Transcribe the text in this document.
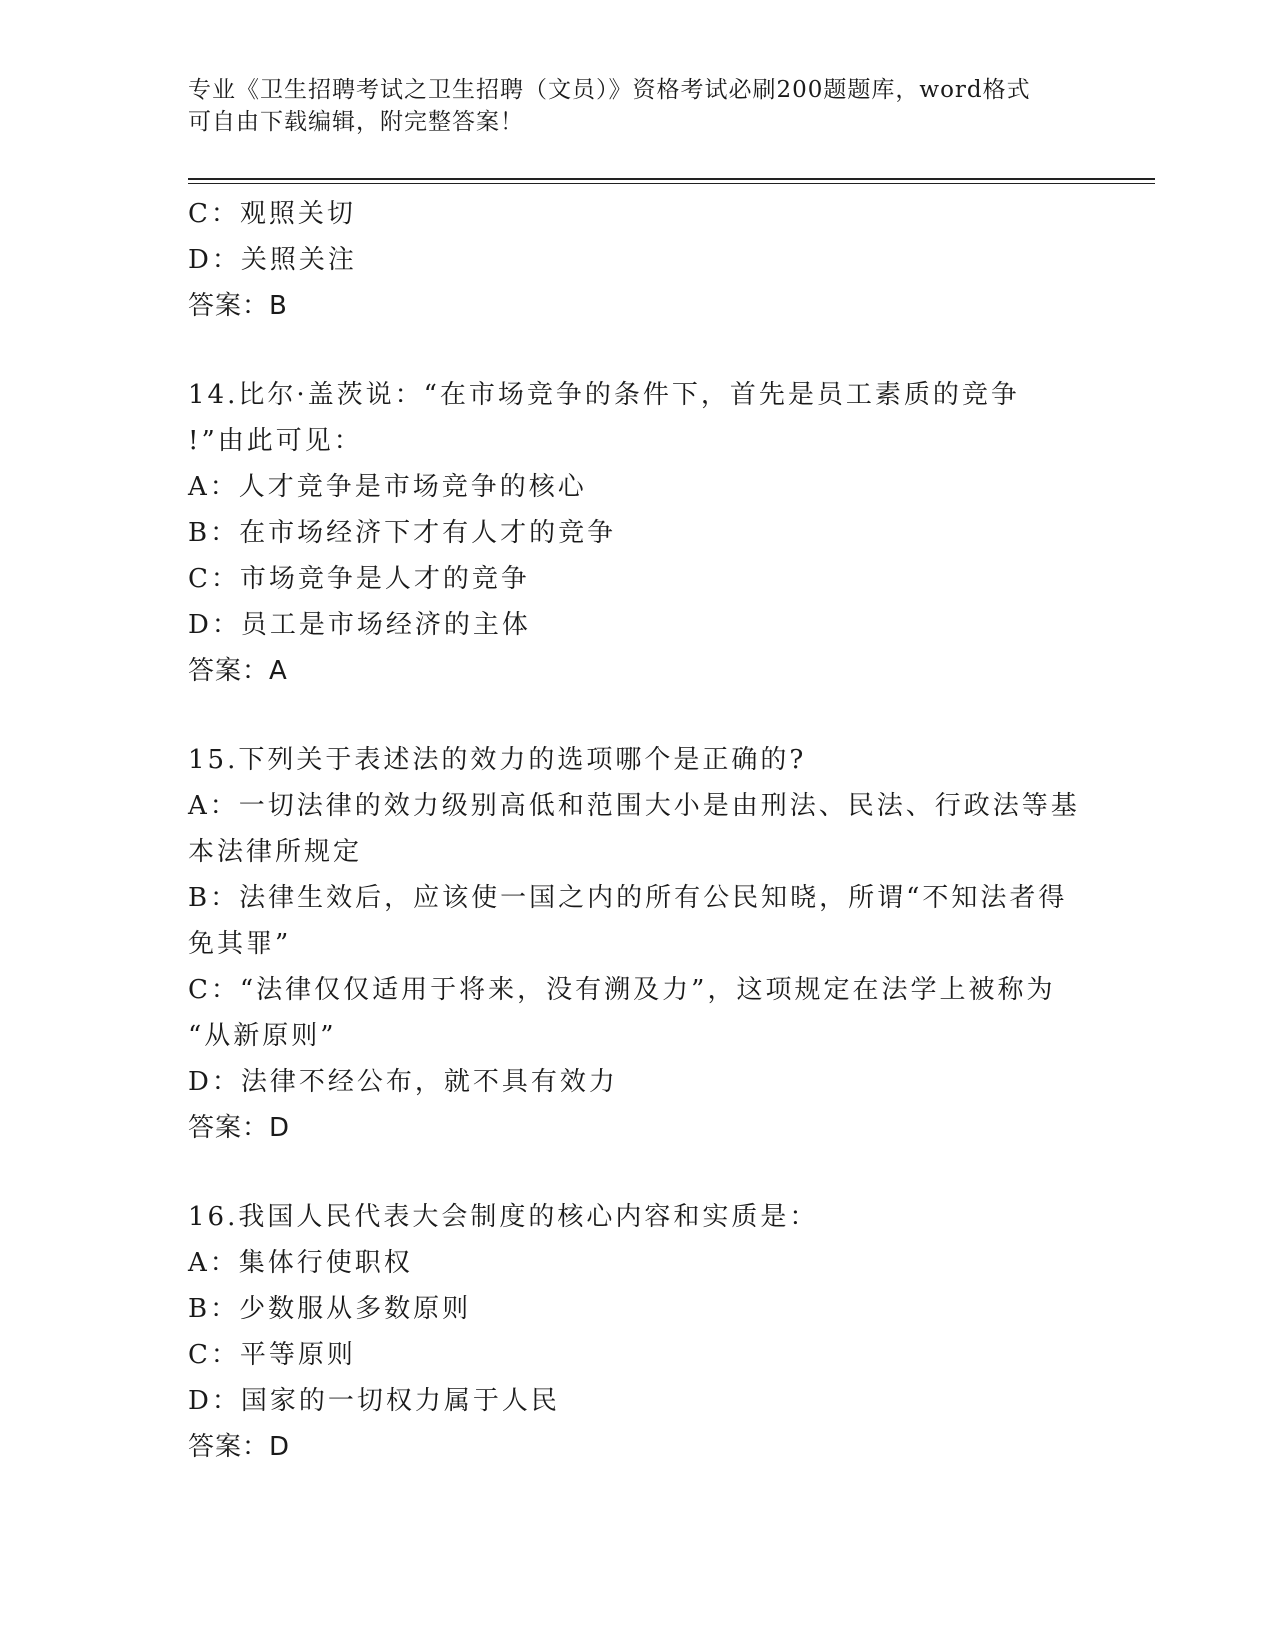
专业《卫生招聘考试之卫生招聘（文员）》资格考试必刷200题题库，word格式
可自由下载编辑，附完整答案！
C：观照关切
D：关照关注
答案：B
14.比尔·盖茨说：“在市场竞争的条件下，首先是员工素质的竞争
!”由此可见：
A：人才竞争是市场竞争的核心
B：在市场经济下才有人才的竞争
C：市场竞争是人才的竞争
D：员工是市场经济的主体
答案：A
15.下列关于表述法的效力的选项哪个是正确的?
A：一切法律的效力级别高低和范围大小是由刑法、民法、行政法等基
本法律所规定
B：法律生效后，应该使一国之内的所有公民知晓，所谓“不知法者得
免其罪”
C：“法律仅仅适用于将来，没有溯及力”，这项规定在法学上被称为
“从新原则”
D：法律不经公布，就不具有效力
答案：D
16.我国人民代表大会制度的核心内容和实质是：
A：集体行使职权
B：少数服从多数原则
C：平等原则
D：国家的一切权力属于人民
答案：D
